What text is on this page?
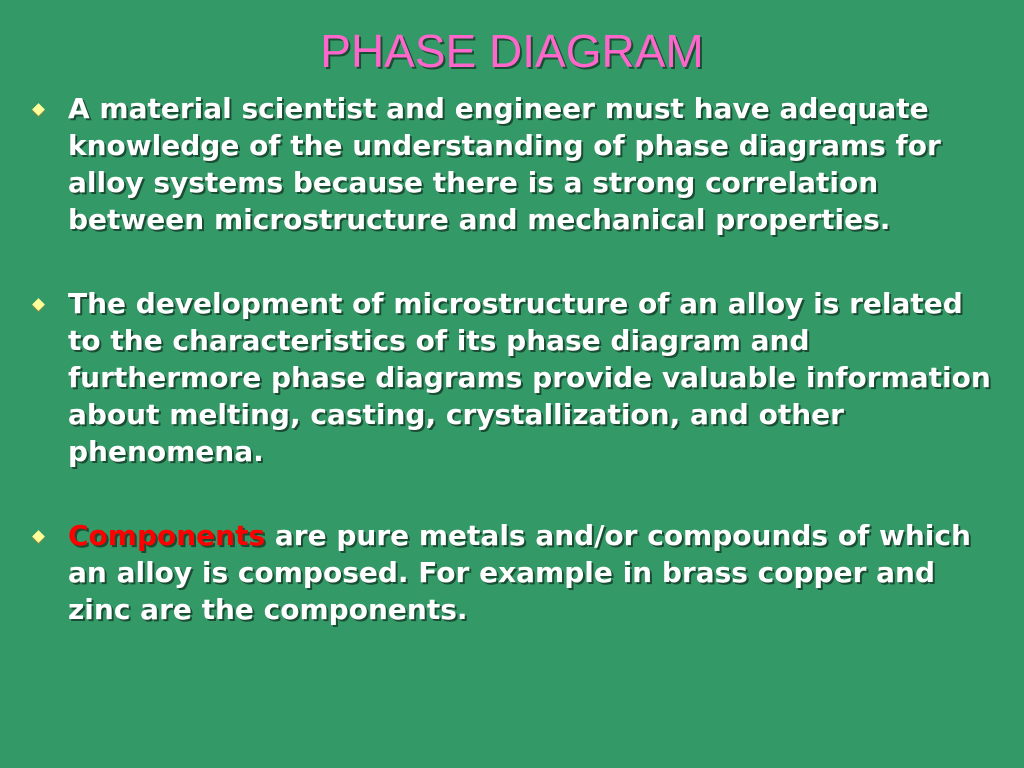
PHASE DIAGRAM
A material scientist and engineer must have adequate knowledge of the understanding of phase diagrams for alloy systems because there is a strong correlation between microstructure and mechanical properties.
The development of microstructure of an alloy is related to the characteristics of its phase diagram and furthermore phase diagrams provide valuable information about melting, casting, crystallization, and other phenomena.
Components are pure metals and/or compounds of which an alloy is composed. For example in brass copper and zinc are the components.
